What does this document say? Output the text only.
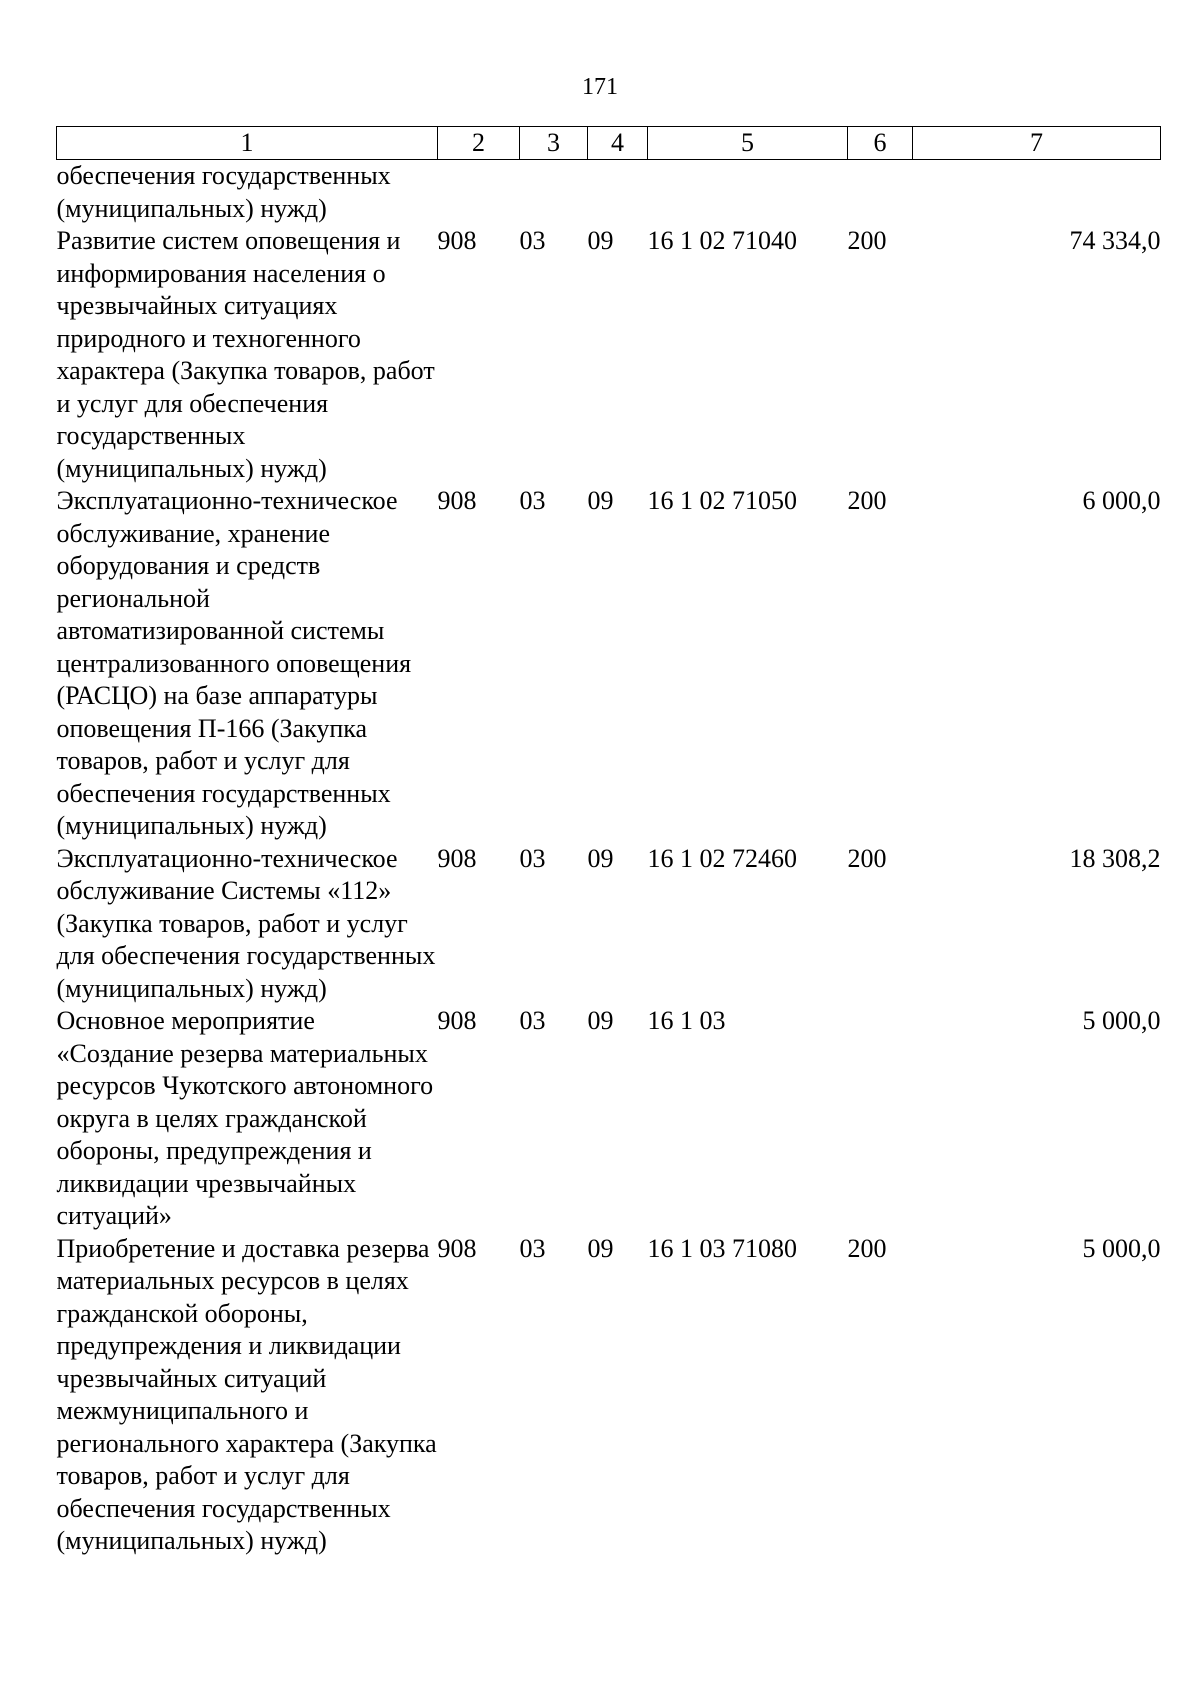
171
1	2	3	4	5	6	7
обеспечения государственных (муниципальных) нужд)						
Развитие систем оповещения и информирования населения о чрезвычайных ситуациях природного и техногенного характера (Закупка товаров, работ и услуг для обеспечения государственных (муниципальных) нужд)	908	03	09	16 1 02 71040	200	74 334,0
Эксплуатационно-техническое обслуживание, хранение оборудования и средств региональной автоматизированной системы централизованного оповещения (РАСЦО) на базе аппаратуры оповещения П-166 (Закупка товаров, работ и услуг для обеспечения государственных (муниципальных) нужд)	908	03	09	16 1 02 71050	200	6 000,0
Эксплуатационно-техническое обслуживание Системы «112» (Закупка товаров, работ и услуг для обеспечения государственных (муниципальных) нужд)	908	03	09	16 1 02 72460	200	18 308,2
Основное мероприятие «Создание резерва материальных ресурсов Чукотского автономного округа в целях гражданской обороны, предупреждения и ликвидации чрезвычайных ситуаций»	908	03	09	16 1 03		5 000,0
Приобретение и доставка резерва материальных ресурсов в целях гражданской обороны, предупреждения и ликвидации чрезвычайных ситуаций межмуниципального и регионального характера (Закупка товаров, работ и услуг для обеспечения государственных (муниципальных) нужд)	908	03	09	16 1 03 71080	200	5 000,0
